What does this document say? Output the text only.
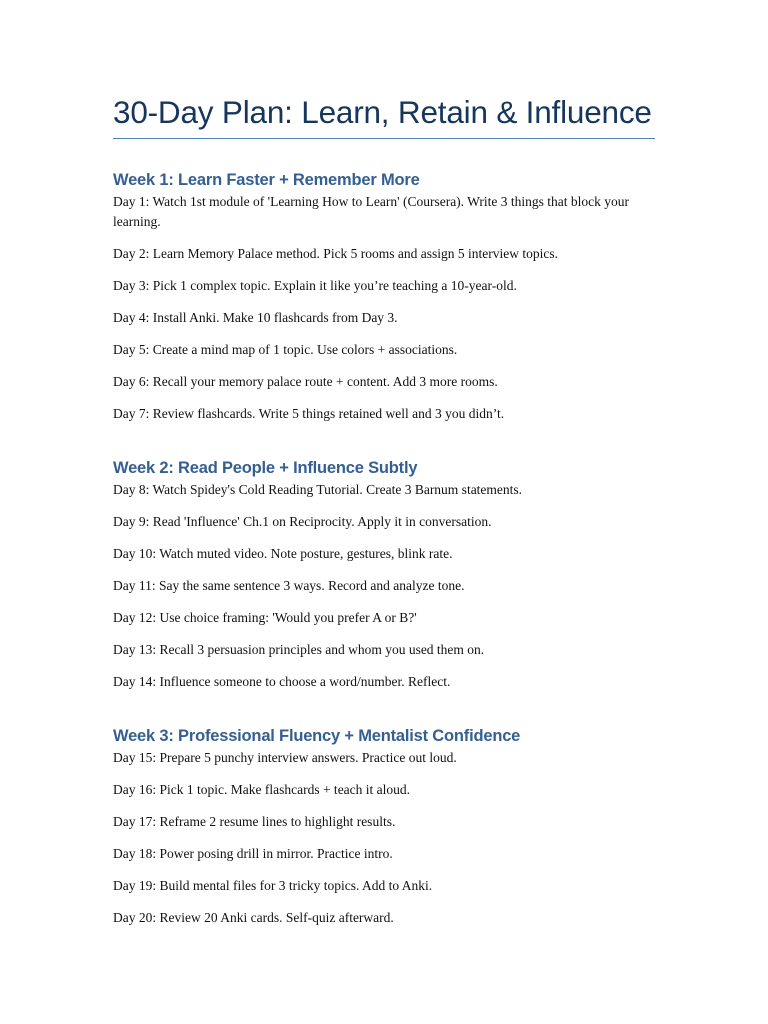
30-Day Plan: Learn, Retain & Influence
Week 1: Learn Faster + Remember More

Day 1: Watch 1st module of 'Learning How to Learn' (Coursera). Write 3 things that block your learning.

Day 2: Learn Memory Palace method. Pick 5 rooms and assign 5 interview topics.

Day 3: Pick 1 complex topic. Explain it like you’re teaching a 10-year-old.

Day 4: Install Anki. Make 10 flashcards from Day 3.

Day 5: Create a mind map of 1 topic. Use colors + associations.

Day 6: Recall your memory palace route + content. Add 3 more rooms.

Day 7: Review flashcards. Write 5 things retained well and 3 you didn’t.

Week 2: Read People + Influence Subtly

Day 8: Watch Spidey's Cold Reading Tutorial. Create 3 Barnum statements.

Day 9: Read 'Influence' Ch.1 on Reciprocity. Apply it in conversation.

Day 10: Watch muted video. Note posture, gestures, blink rate.

Day 11: Say the same sentence 3 ways. Record and analyze tone.

Day 12: Use choice framing: 'Would you prefer A or B?'

Day 13: Recall 3 persuasion principles and whom you used them on.

Day 14: Influence someone to choose a word/number. Reflect.

Week 3: Professional Fluency + Mentalist Confidence

Day 15: Prepare 5 punchy interview answers. Practice out loud.

Day 16: Pick 1 topic. Make flashcards + teach it aloud.

Day 17: Reframe 2 resume lines to highlight results.

Day 18: Power posing drill in mirror. Practice intro.

Day 19: Build mental files for 3 tricky topics. Add to Anki.

Day 20: Review 20 Anki cards. Self-quiz afterward.
